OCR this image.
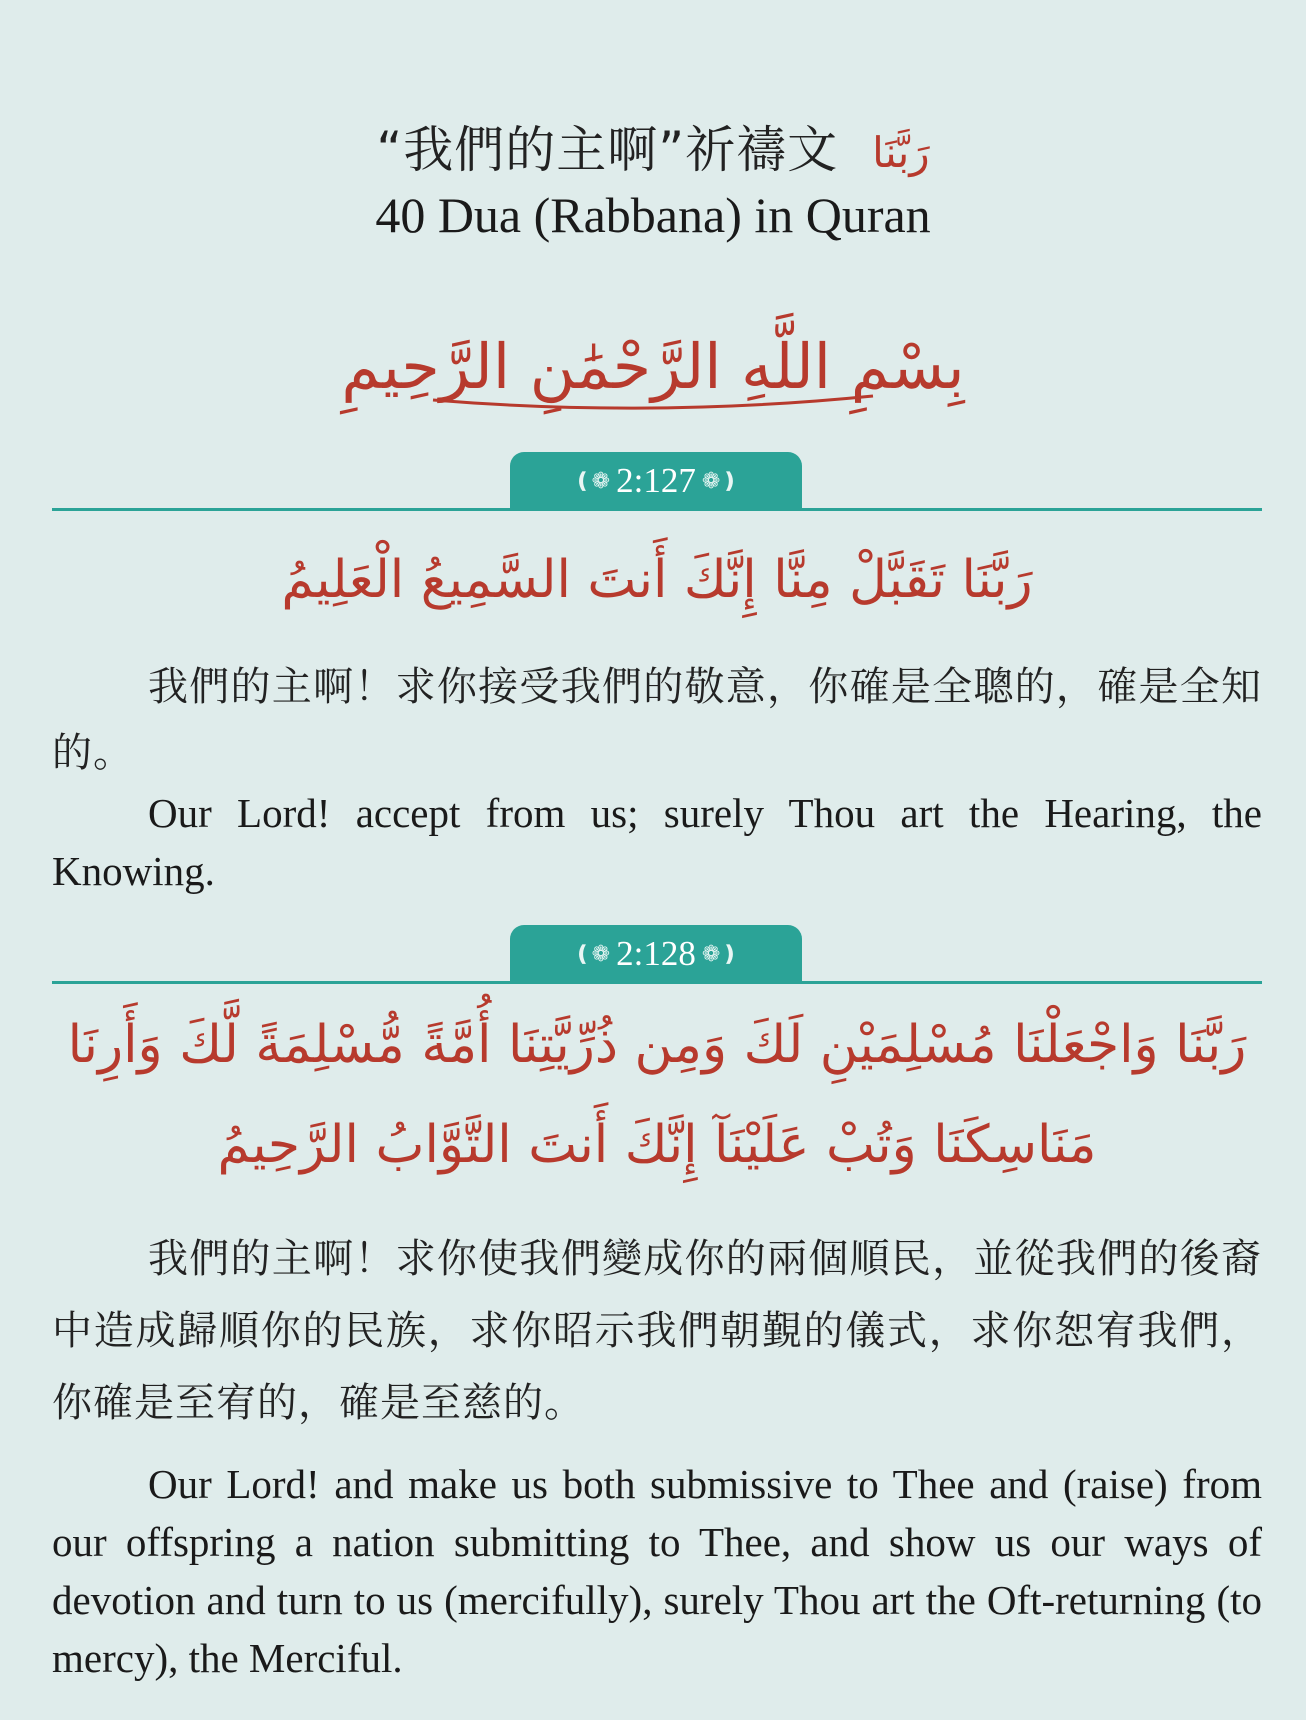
“我們的主啊”祈禱文 رَبَّنَا
40 Dua (Rabbana) in Quran
بِسْمِ اللَّهِ الرَّحْمَٰنِ الرَّحِيمِ
❪❁ 2:127 ❁❫
رَبَّنَا تَقَبَّلْ مِنَّا إِنَّكَ أَنتَ السَّمِيعُ الْعَلِيمُ
我們的主啊！求你接受我們的敬意，你確是全聰的，確是全知的。
Our Lord! accept from us; surely Thou art the Hearing, the Knowing.
❪❁ 2:128 ❁❫
رَبَّنَا وَاجْعَلْنَا مُسْلِمَيْنِ لَكَ وَمِن ذُرِّيَّتِنَا أُمَّةً مُّسْلِمَةً لَّكَ وَأَرِنَا مَنَاسِكَنَا وَتُبْ عَلَيْنَآ إِنَّكَ أَنتَ التَّوَّابُ الرَّحِيمُ
我們的主啊！求你使我們變成你的兩個順民，並從我們的後裔中造成歸順你的民族，求你昭示我們朝覲的儀式，求你恕宥我們，你確是至宥的，確是至慈的。
Our Lord! and make us both submissive to Thee and (raise) from our offspring a nation submitting to Thee, and show us our ways of devotion and turn to us (mercifully), surely Thou art the Oft-returning (to mercy), the Merciful.
